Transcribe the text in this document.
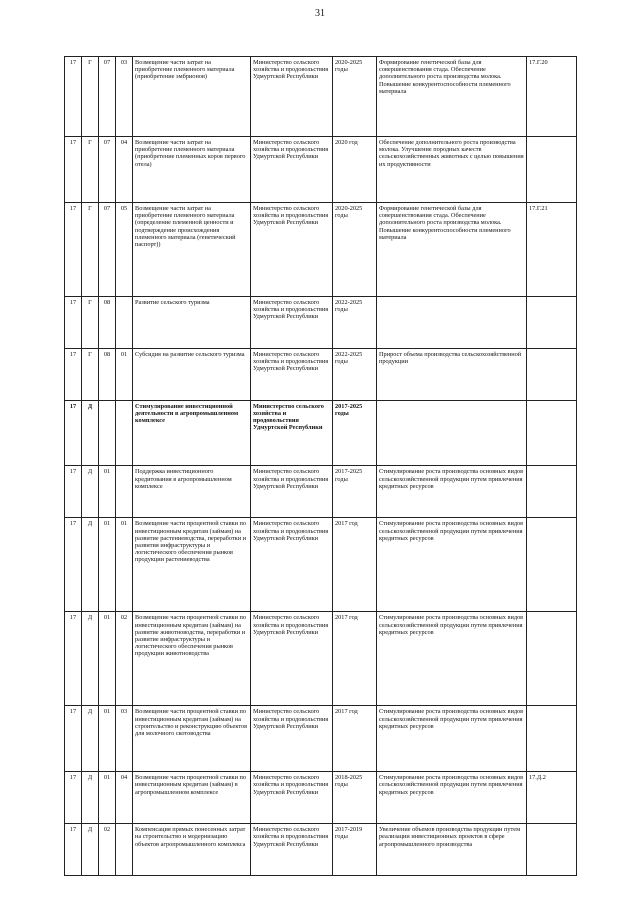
31
17	Г	07	03	Возмещение части затрат на приобретение племенного материала (приобретение эмбрионов)	Министерство сельского хозяйства и продовольствия Удмуртской Республики	2020-2025 годы	Формирование генетической базы для совершенствования стада. Обеспечение дополнительного роста производства молока. Повышение конкурентоспособности племенного материала	17.Г.20
17	Г	07	04	Возмещение части затрат на приобретение племенного материала (приобретение племенных коров первого отела)	Министерство сельского хозяйства и продовольствия Удмуртской Республики	2020 год	Обеспечение дополнительного роста производства молока. Улучшение породных качеств сельскохозяйственных животных с целью повышения их продуктивности	
17	Г	07	05	Возмещение части затрат на приобретение племенного материала (определение племенной ценности и подтверждение происхождения племенного материала (генетический паспорт))	Министерство сельского хозяйства и продовольствия Удмуртской Республики	2020-2025 годы	Формирование генетической базы для совершенствования стада. Обеспечение дополнительного роста производства молока. Повышение конкурентоспособности племенного материала	17.Г.21
17	Г	08		Развитие сельского туризма	Министерство сельского хозяйства и продовольствия Удмуртской Республики	2022-2025 годы		
17	Г	08	01	Субсидия на развитие сельского туризма	Министерство сельского хозяйства и продовольствия Удмуртской Республики	2022-2025 годы	Прирост объема производства сельскохозяйственной продукции	
17	Д			Стимулирование инвестиционной деятельности в агропромышленном комплексе	Министерство сельского хозяйства и продовольствия Удмуртской Республики	2017-2025 годы		
17	Д	01		Поддержка инвестиционного кредитования в агропромышленном комплексе	Министерство сельского хозяйства и продовольствия Удмуртской Республики	2017-2025 годы	Стимулирование роста производства основных видов сельскохозяйственной продукции путем привлечения кредитных ресурсов	
17	Д	01	01	Возмещение части процентной ставки по инвестиционным кредитам (займам) на развитие растениеводства, переработки и развития инфраструктуры и логистического обеспечения рынков продукции растениеводства	Министерство сельского хозяйства и продовольствия Удмуртской Республики	2017 год	Стимулирование роста производства основных видов сельскохозяйственной продукции путем привлечения кредитных ресурсов	
17	Д	01	02	Возмещение части процентной ставки по инвестиционным кредитам (займам) на развитие животноводства, переработки и развитие инфраструктуры и логистического обеспечения рынков продукции животноводства	Министерство сельского хозяйства и продовольствия Удмуртской Республики	2017 год	Стимулирование роста производства основных видов сельскохозяйственной продукции путем привлечения кредитных ресурсов	
17	Д	01	03	Возмещение части процентной ставки по инвестиционным кредитам (займам) на строительство и реконструкцию объектов для молочного скотоводства	Министерство сельского хозяйства и продовольствия Удмуртской Республики	2017 год	Стимулирование роста производства основных видов сельскохозяйственной продукции путем привлечения кредитных ресурсов	
17	Д	01	04	Возмещение части процентной ставки по инвестиционным кредитам (займам) в агропромышленном комплексе	Министерство сельского хозяйства и продовольствия Удмуртской Республики	2018-2025 годы	Стимулирование роста производства основных видов сельскохозяйственной продукции путем привлечения кредитных ресурсов	17.Д.2
17	Д	02		Компенсация прямых понесенных затрат на строительство и модернизацию объектов агропромышленного комплекса	Министерство сельского хозяйства и продовольствия Удмуртской Республики	2017-2019 годы	Увеличение объемов производства продукции путем реализации инвестиционных проектов в сфере агропромышленного производства	
